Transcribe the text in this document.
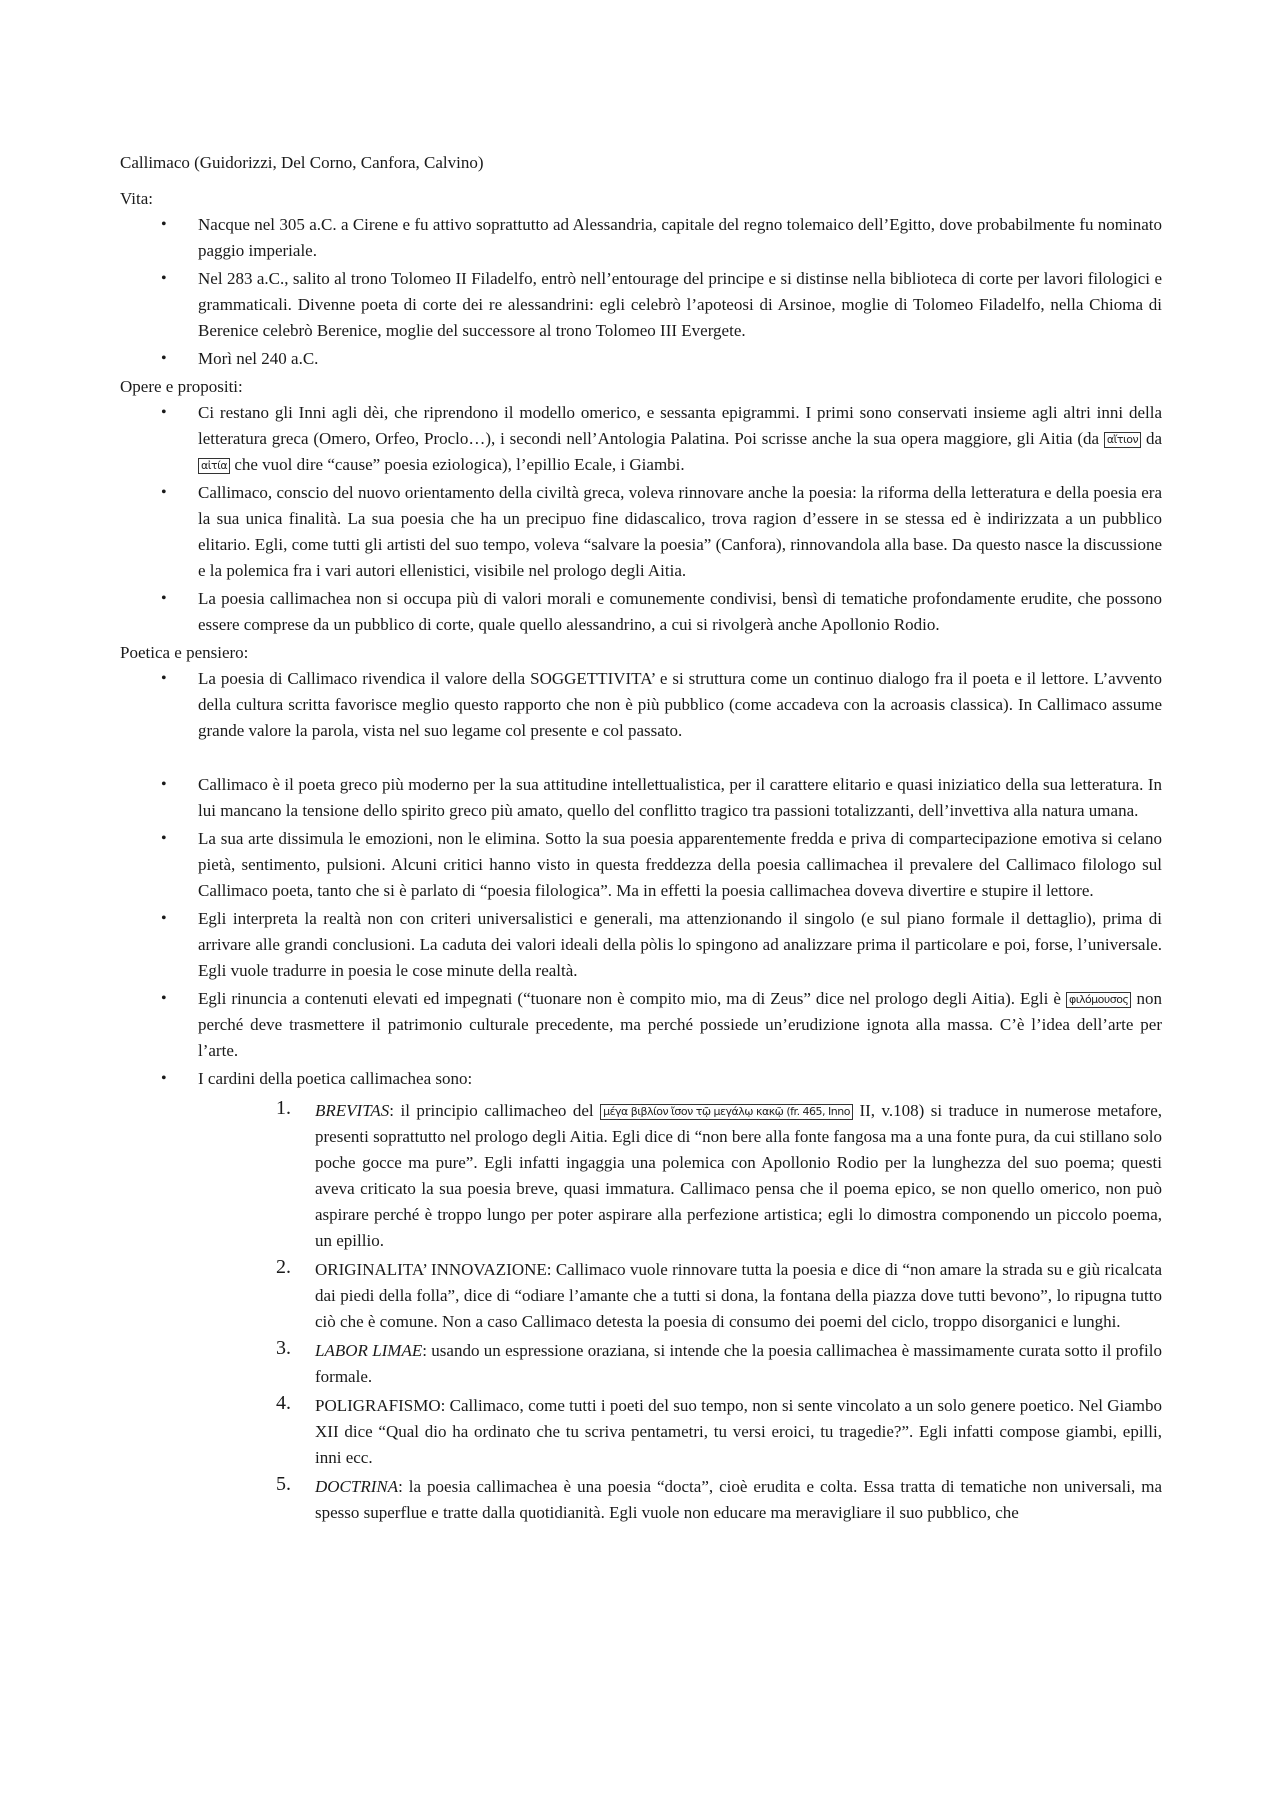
Callimaco (Guidorizzi, Del Corno, Canfora, Calvino)

Vita:

• Nacque nel 305 a.C. a Cirene e fu attivo soprattutto ad Alessandria, capitale del regno tolemaico dell’Egitto, dove probabilmente fu nominato paggio imperiale.
• Nel 283 a.C., salito al trono Tolomeo II Filadelfo, entrò nell’entourage del principe e si distinse nella biblioteca di corte per lavori filologici e grammaticali. Divenne poeta di corte dei re alessandrini: egli celebrò l’apoteosi di Arsinoe, moglie di Tolomeo Filadelfo, nella Chioma di Berenice celebrò Berenice, moglie del successore al trono Tolomeo III Evergete.
• Morì nel 240 a.C.

Opere e propositi:

• Ci restano gli Inni agli dèi, che riprendono il modello omerico, e sessanta epigrammi. I primi sono conservati insieme agli altri inni della letteratura greca (Omero, Orfeo, Proclo…), i secondi nell’Antologia Palatina. Poi scrisse anche la sua opera maggiore, gli Aitia (da αἴτιον da αἰτία che vuol dire “cause” poesia eziologica), l’epillio Ecale, i Giambi.
• Callimaco, conscio del nuovo orientamento della civiltà greca, voleva rinnovare anche la poesia: la riforma della letteratura e della poesia era la sua unica finalità. La sua poesia che ha un precipuo fine didascalico, trova ragion d’essere in se stessa ed è indirizzata a un pubblico elitario. Egli, come tutti gli artisti del suo tempo, voleva “salvare la poesia” (Canfora), rinnovandola alla base. Da questo nasce la discussione e la polemica fra i vari autori ellenistici, visibile nel prologo degli Aitia.
• La poesia callimachea non si occupa più di valori morali e comunemente condivisi, bensì di tematiche profondamente erudite, che possono essere comprese da un pubblico di corte, quale quello alessandrino, a cui si rivolgerà anche Apollonio Rodio.

Poetica e pensiero:

• La poesia di Callimaco rivendica il valore della SOGGETTIVITA’ e si struttura come un continuo dialogo fra il poeta e il lettore. L’avvento della cultura scritta favorisce meglio questo rapporto che non è più pubblico (come accadeva con la acroasis classica). In Callimaco assume grande valore la parola, vista nel suo legame col presente e col passato.
• Callimaco è il poeta greco più moderno per la sua attitudine intellettualistica, per il carattere elitario e quasi iniziatico della sua letteratura. In lui mancano la tensione dello spirito greco più amato, quello del conflitto tragico tra passioni totalizzanti, dell’invettiva alla natura umana.
• La sua arte dissimula le emozioni, non le elimina. Sotto la sua poesia apparentemente fredda e priva di compartecipazione emotiva si celano pietà, sentimento, pulsioni. Alcuni critici hanno visto in questa freddezza della poesia callimachea il prevalere del Callimaco filologo sul Callimaco poeta, tanto che si è parlato di “poesia filologica”. Ma in effetti la poesia callimachea doveva divertire e stupire il lettore.
• Egli interpreta la realtà non con criteri universalistici e generali, ma attenzionando il singolo (e sul piano formale il dettaglio), prima di arrivare alle grandi conclusioni. La caduta dei valori ideali della pòlis lo spingono ad analizzare prima il particolare e poi, forse, l’universale. Egli vuole tradurre in poesia le cose minute della realtà.
• Egli rinuncia a contenuti elevati ed impegnati (“tuonare non è compito mio, ma di Zeus” dice nel prologo degli Aitia). Egli è φιλόμουσος non perché deve trasmettere il patrimonio culturale precedente, ma perché possiede un’erudizione ignota alla massa. C’è l’idea dell’arte per l’arte.
• I cardini della poetica callimachea sono:
1. BREVITAS: il principio callimacheo del μέγα βιβλίον ἴσον τῷ μεγάλῳ κακῷ (fr. 465, Inno II, v.108) si traduce in numerose metafore, presenti soprattutto nel prologo degli Aitia. Egli dice di “non bere alla fonte fangosa ma a una fonte pura, da cui stillano solo poche gocce ma pure”. Egli infatti ingaggia una polemica con Apollonio Rodio per la lunghezza del suo poema; questi aveva criticato la sua poesia breve, quasi immatura. Callimaco pensa che il poema epico, se non quello omerico, non può aspirare perché è troppo lungo per poter aspirare alla perfezione artistica; egli lo dimostra componendo un piccolo poema, un epillio.
2. ORIGINALITA’ INNOVAZIONE: Callimaco vuole rinnovare tutta la poesia e dice di “non amare la strada su e giù ricalcata dai piedi della folla”, dice di “odiare l’amante che a tutti si dona, la fontana della piazza dove tutti bevono”, lo ripugna tutto ciò che è comune. Non a caso Callimaco detesta la poesia di consumo dei poemi del ciclo, troppo disorganici e lunghi.
3. LABOR LIMAE: usando un espressione oraziana, si intende che la poesia callimachea è massimamente curata sotto il profilo formale.
4. POLIGRAFISMO: Callimaco, come tutti i poeti del suo tempo, non si sente vincolato a un solo genere poetico. Nel Giambo XII dice “Qual dio ha ordinato che tu scriva pentametri, tu versi eroici, tu tragedie?”. Egli infatti compose giambi, epilli, inni ecc.
5. DOCTRINA: la poesia callimachea è una poesia “docta”, cioè erudita e colta. Essa tratta di tematiche non universali, ma spesso superflue e tratte dalla quotidianità. Egli vuole non educare ma meravigliare il suo pubblico, che
